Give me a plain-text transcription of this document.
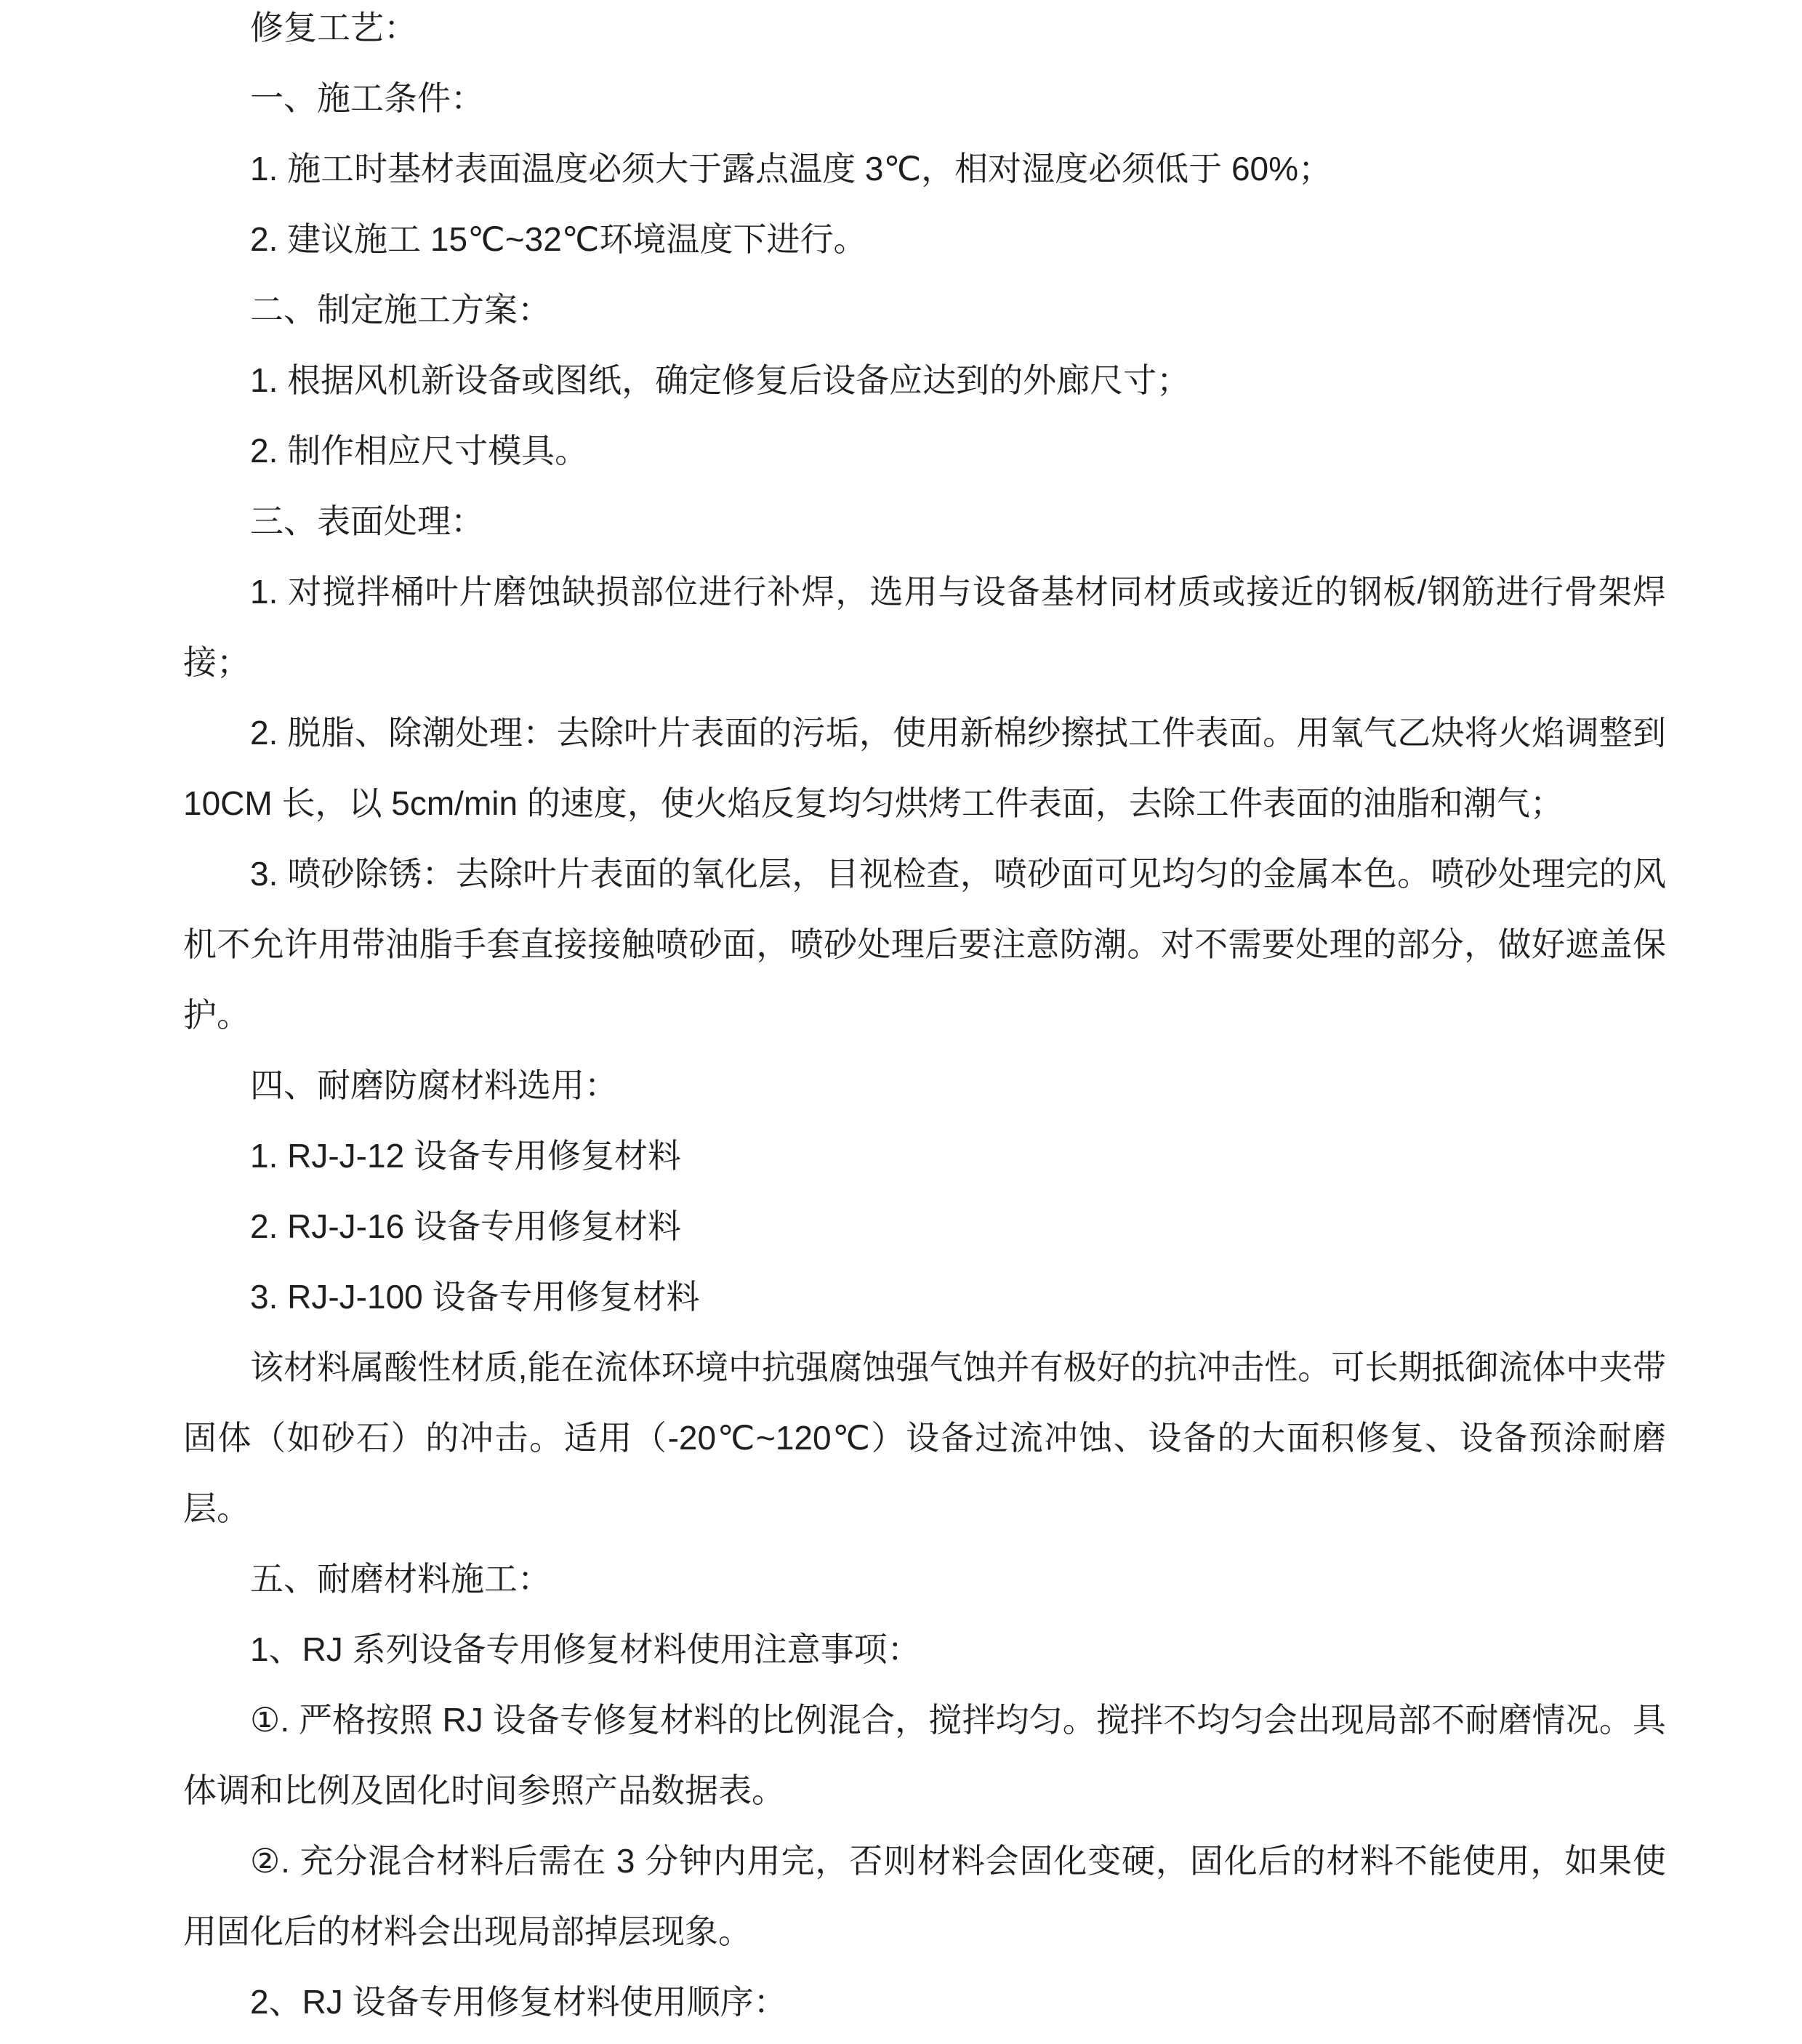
修复工艺：

一、施工条件：

1. 施工时基材表面温度必须大于露点温度 3℃，相对湿度必须低于 60%；

2. 建议施工 15℃~32℃环境温度下进行。

二、制定施工方案：

1. 根据风机新设备或图纸，确定修复后设备应达到的外廊尺寸；

2. 制作相应尺寸模具。

三、表面处理：

1. 对搅拌桶叶片磨蚀缺损部位进行补焊，选用与设备基材同材质或接近的钢板/钢筋进行骨架焊接；

2. 脱脂、除潮处理：去除叶片表面的污垢，使用新棉纱擦拭工件表面。用氧气乙炔将火焰调整到 10CM 长，以 5cm/min 的速度，使火焰反复均匀烘烤工件表面，去除工件表面的油脂和潮气；

3. 喷砂除锈：去除叶片表面的氧化层，目视检查，喷砂面可见均匀的金属本色。喷砂处理完的风机不允许用带油脂手套直接接触喷砂面，喷砂处理后要注意防潮。对不需要处理的部分，做好遮盖保护。

四、耐磨防腐材料选用：

1. RJ-J-12 设备专用修复材料

2. RJ-J-16 设备专用修复材料

3. RJ-J-100 设备专用修复材料

该材料属酸性材质,能在流体环境中抗强腐蚀强气蚀并有极好的抗冲击性。可长期抵御流体中夹带固体（如砂石）的冲击。适用（-20℃~120℃）设备过流冲蚀、设备的大面积修复、设备预涂耐磨层。

五、耐磨材料施工：

1、RJ 系列设备专用修复材料使用注意事项：

①. 严格按照 RJ 设备专修复材料的比例混合，搅拌均匀。搅拌不均匀会出现局部不耐磨情况。具体调和比例及固化时间参照产品数据表。

②. 充分混合材料后需在 3 分钟内用完，否则材料会固化变硬，固化后的材料不能使用，如果使用固化后的材料会出现局部掉层现象。

2、RJ 设备专用修复材料使用顺序：
